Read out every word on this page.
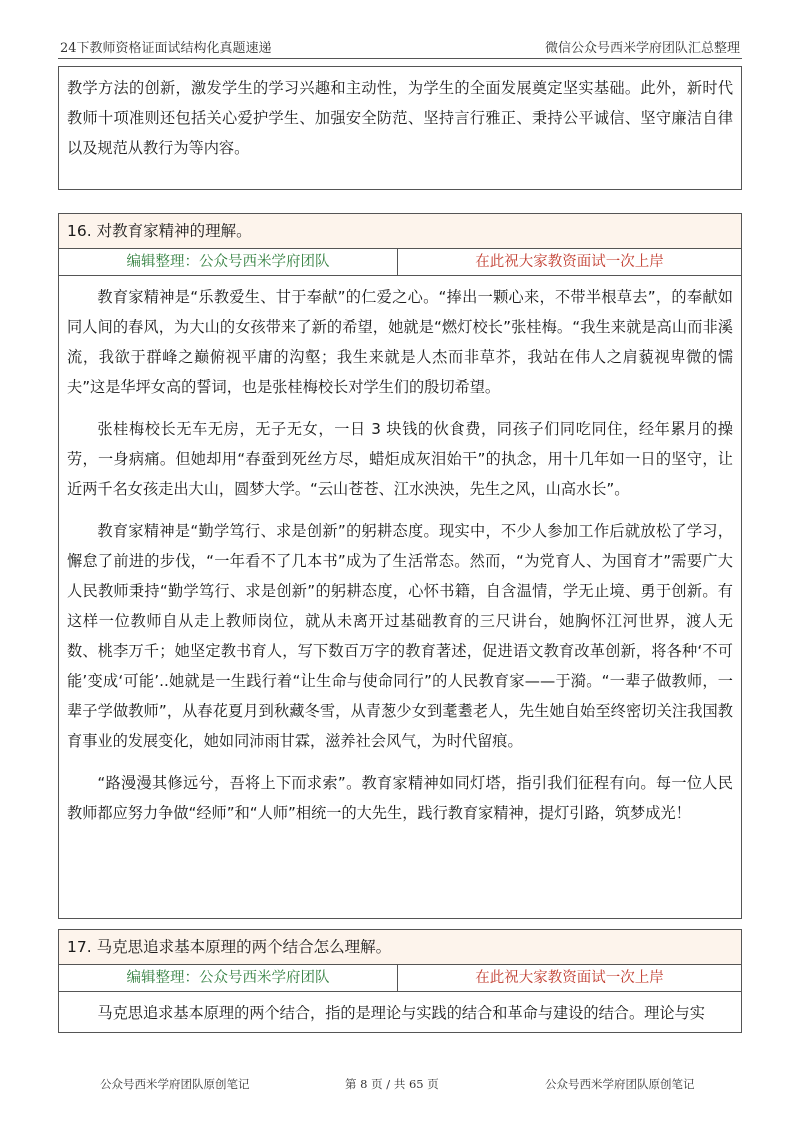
24下教师资格证面试结构化真题速递	微信公众号西米学府团队汇总整理

教学方法的创新，激发学生的学习兴趣和主动性，为学生的全面发展奠定坚实基础。此外，新时代教师十项准则还包括关心爱护学生、加强安全防范、坚持言行雅正、秉持公平诚信、坚守廉洁自律以及规范从教行为等内容。

16. 对教育家精神的理解。
编辑整理：公众号西米学府团队	在此祝大家教资面试一次上岸

教育家精神是“乐教爱生、甘于奉献”的仁爱之心。“捧出一颗心来，不带半根草去”，的奉献如同人间的春风，为大山的女孩带来了新的希望，她就是“燃灯校长”张桂梅。“我生来就是高山而非溪流，我欲于群峰之巅俯视平庸的沟壑；我生来就是人杰而非草芥，我站在伟人之肩藐视卑微的懦夫”这是华坪女高的誓词，也是张桂梅校长对学生们的殷切希望。

张桂梅校长无车无房，无子无女，一日 3 块钱的伙食费，同孩子们同吃同住，经年累月的操劳，一身病痛。但她却用“春蚕到死丝方尽，蜡炬成灰泪始干”的执念，用十几年如一日的坚守，让近两千名女孩走出大山，圆梦大学。“云山苍苍、江水泱泱，先生之风，山高水长”。

教育家精神是“勤学笃行、求是创新”的躬耕态度。现实中，不少人参加工作后就放松了学习，懈怠了前进的步伐，“一年看不了几本书”成为了生活常态。然而，“为党育人、为国育才”需要广大人民教师秉持“勤学笃行、求是创新”的躬耕态度，心怀书籍，自含温情，学无止境、勇于创新。有这样一位教师自从走上教师岗位，就从未离开过基础教育的三尺讲台，她胸怀江河世界，渡人无数、桃李万千；她坚定教书育人，写下数百万字的教育著述，促进语文教育改革创新，将各种‘不可能’变成‘可能’..她就是一生践行着“让生命与使命同行”的人民教育家——于漪。“一辈子做教师，一辈子学做教师”，从春花夏月到秋藏冬雪，从青葱少女到耄耋老人，先生她自始至终密切关注我国教育事业的发展变化，她如同沛雨甘霖，滋养社会风气，为时代留痕。

“路漫漫其修远兮，吾将上下而求索”。教育家精神如同灯塔，指引我们征程有向。每一位人民教师都应努力争做“经师”和“人师”相统一的大先生，践行教育家精神，提灯引路，筑梦成光！

17. 马克思追求基本原理的两个结合怎么理解。
编辑整理：公众号西米学府团队	在此祝大家教资面试一次上岸

马克思追求基本原理的两个结合，指的是理论与实践的结合和革命与建设的结合。理论与实

公众号西米学府团队原创笔记	第 8 页 / 共 65 页	公众号西米学府团队原创笔记
